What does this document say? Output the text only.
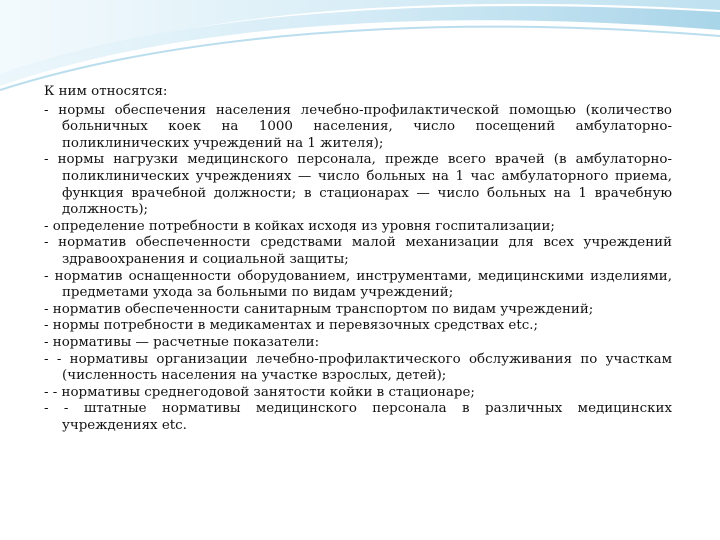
К ним относятся:
- нормы обеспечения населения лечебно-профилактической помощью (количество больничных коек на 1000 населения, число посещений амбулаторно-поликлинических учреждений на 1 жителя);
- нормы нагрузки медицинского персонала, прежде всего врачей (в амбулаторно-поликлинических учреждениях — число больных на 1 час амбулаторного приема, функция врачебной должности; в стационарах — число больных на 1 врачебную должность);
- определение потребности в койках исходя из уровня госпитализации;
- норматив обеспеченности средствами малой механизации для всех учреждений здравоохранения и социальной защиты;
- норматив оснащенности оборудованием, инструментами, медицинскими изделиями, предметами ухода за больными по видам учреждений;
- норматив обеспеченности санитарным транспортом по видам учреждений;
- нормы потребности в медикаментах и перевязочных средствах etc.;
- нормативы — расчетные показатели:
- - нормативы организации лечебно-профилактического обслуживания по участкам (численность населения на участке взрослых, детей);
- - нормативы среднегодовой занятости койки в стационаре;
- - штатные нормативы медицинского персонала в различных медицинских учреждениях etc.
